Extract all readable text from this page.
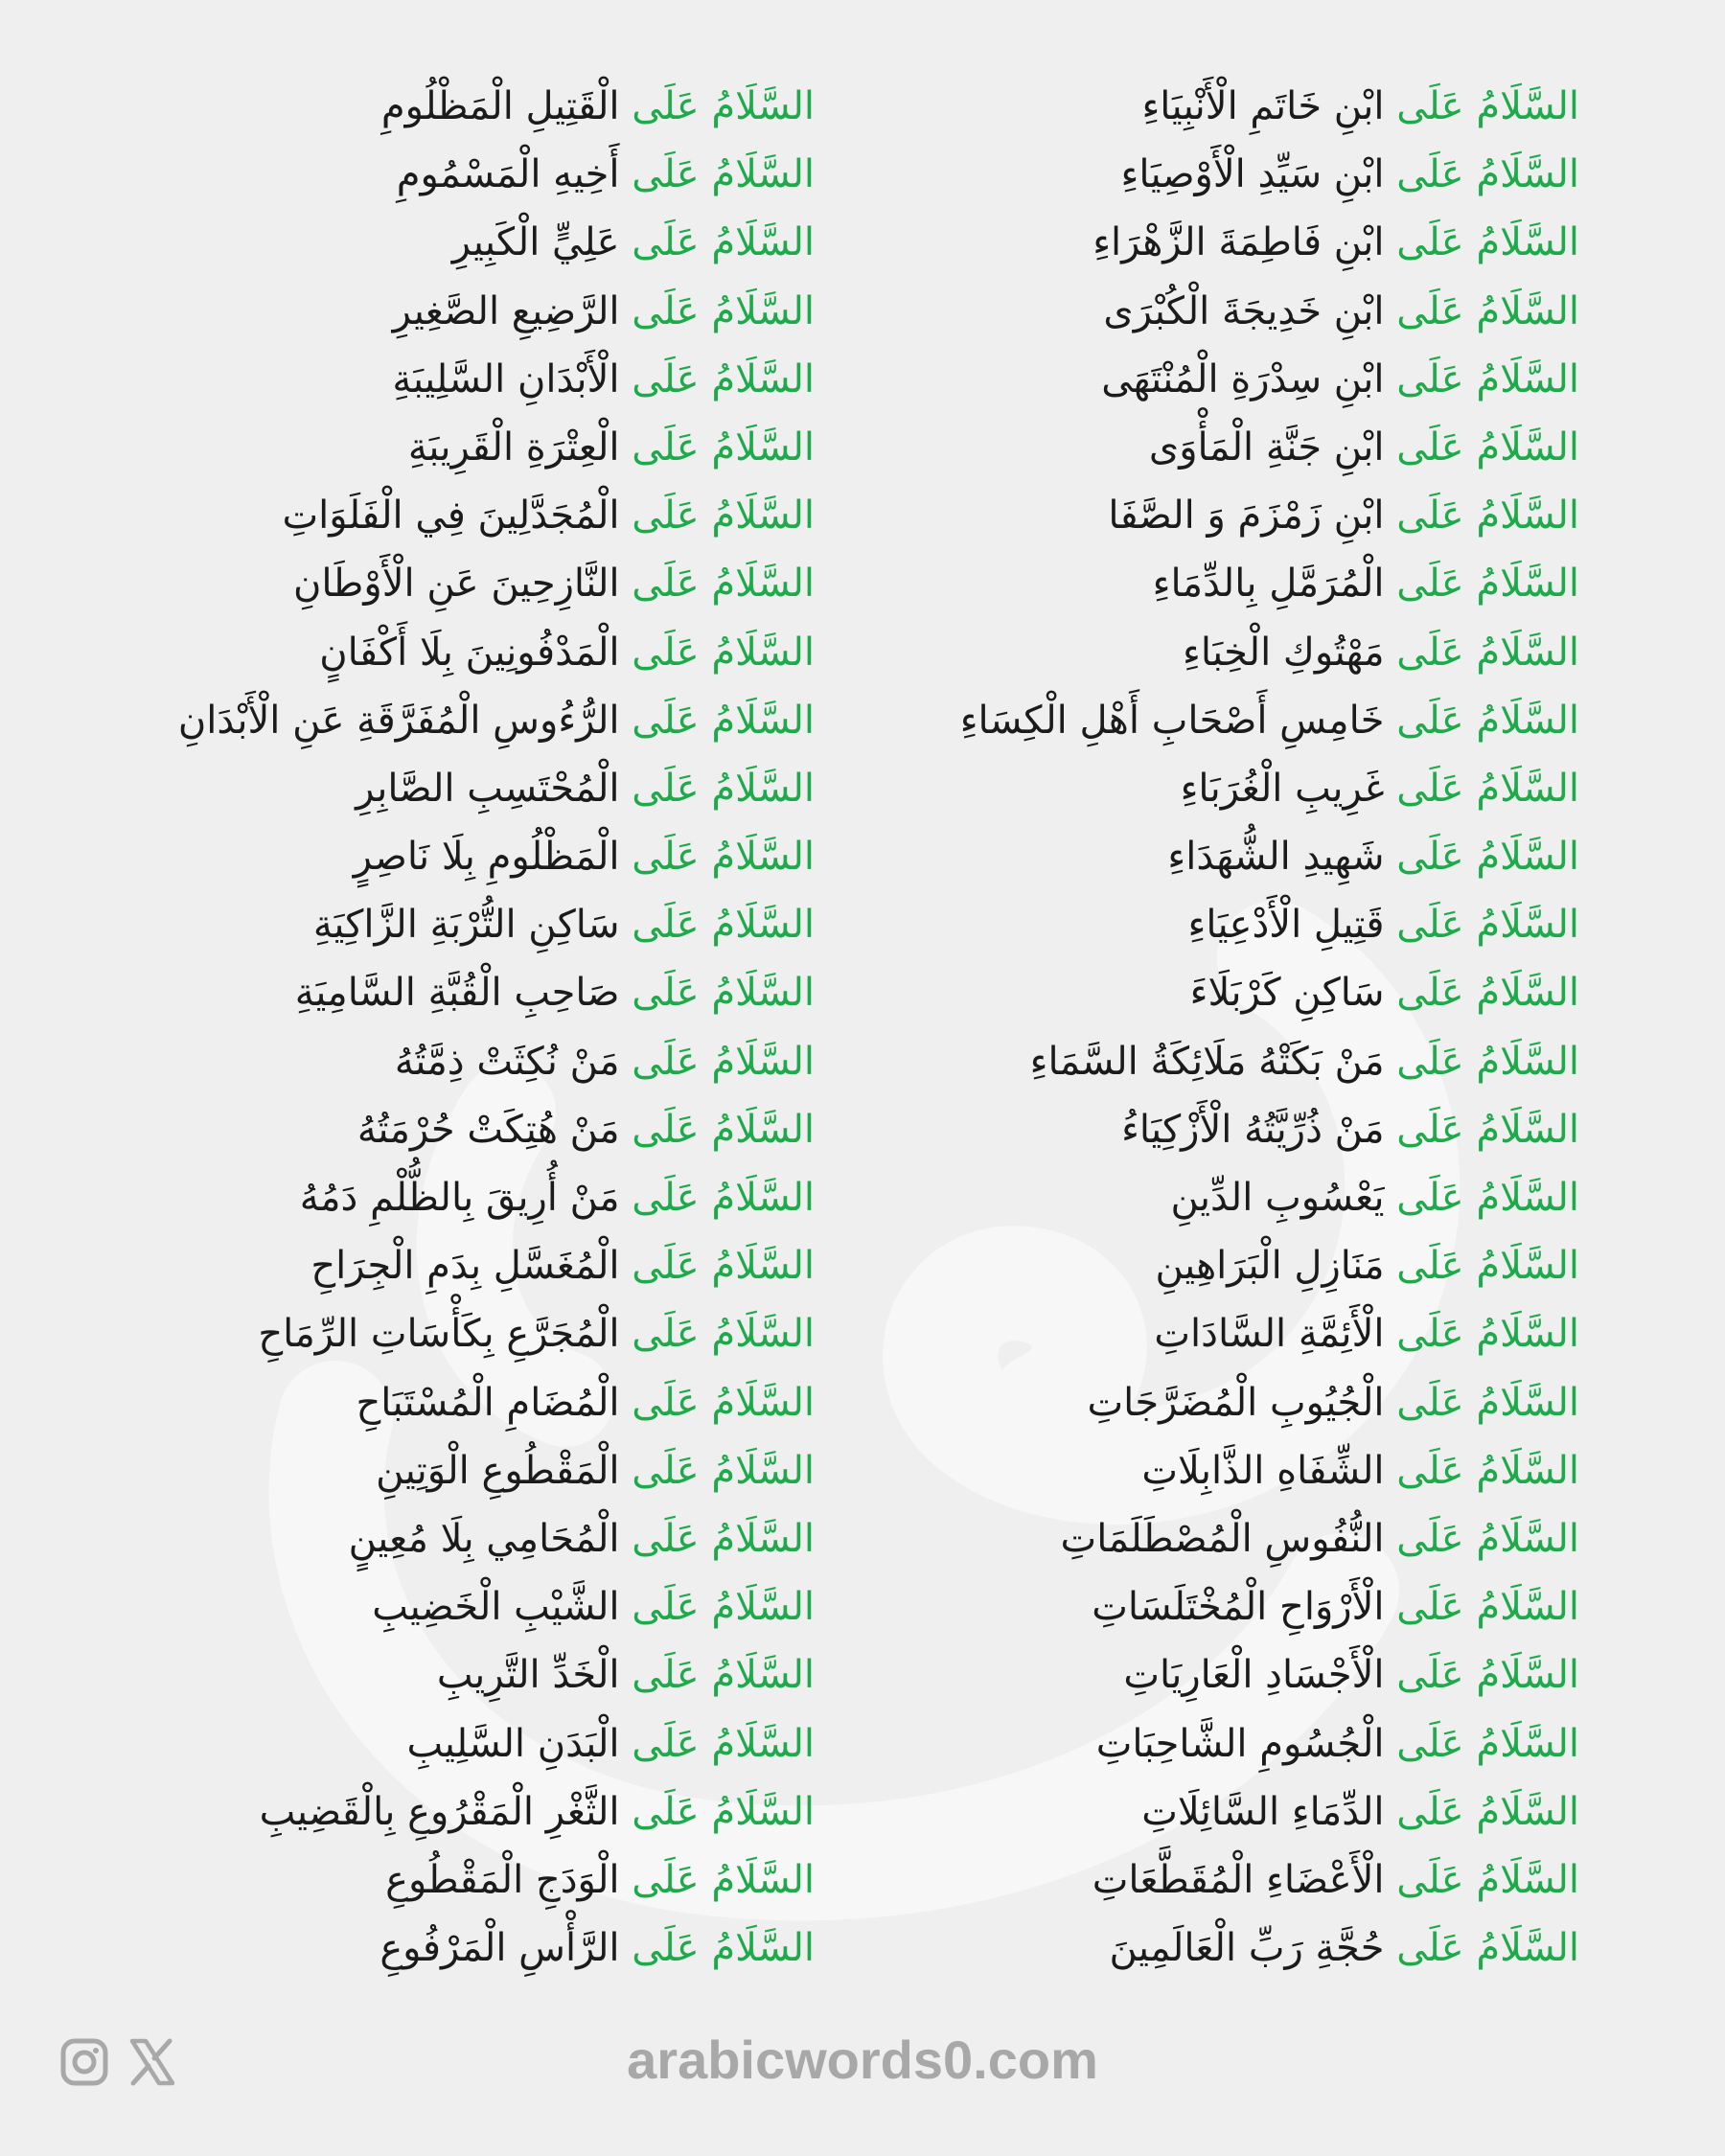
السَّلَامُ عَلَى ابْنِ خَاتَمِ الْأَنْبِيَاءِ
السَّلَامُ عَلَى ابْنِ سَيِّدِ الْأَوْصِيَاءِ
السَّلَامُ عَلَى ابْنِ فَاطِمَةَ الزَّهْرَاءِ
السَّلَامُ عَلَى ابْنِ خَدِيجَةَ الْكُبْرَى
السَّلَامُ عَلَى ابْنِ سِدْرَةِ الْمُنْتَهَى
السَّلَامُ عَلَى ابْنِ جَنَّةِ الْمَأْوَى
السَّلَامُ عَلَى ابْنِ زَمْزَمَ وَ الصَّفَا
السَّلَامُ عَلَى الْمُرَمَّلِ بِالدِّمَاءِ
السَّلَامُ عَلَى مَهْتُوكِ الْخِبَاءِ
السَّلَامُ عَلَى خَامِسِ أَصْحَابِ أَهْلِ الْكِسَاءِ
السَّلَامُ عَلَى غَرِيبِ الْغُرَبَاءِ
السَّلَامُ عَلَى شَهِيدِ الشُّهَدَاءِ
السَّلَامُ عَلَى قَتِيلِ الْأَدْعِيَاءِ
السَّلَامُ عَلَى سَاكِنِ كَرْبَلَاءَ
السَّلَامُ عَلَى مَنْ بَكَتْهُ مَلَائِكَةُ السَّمَاءِ
السَّلَامُ عَلَى مَنْ ذُرِّيَّتُهُ الْأَزْكِيَاءُ
السَّلَامُ عَلَى يَعْسُوبِ الدِّينِ
السَّلَامُ عَلَى مَنَازِلِ الْبَرَاهِينِ
السَّلَامُ عَلَى الْأَئِمَّةِ السَّادَاتِ
السَّلَامُ عَلَى الْجُيُوبِ الْمُضَرَّجَاتِ
السَّلَامُ عَلَى الشِّفَاهِ الذَّابِلَاتِ
السَّلَامُ عَلَى النُّفُوسِ الْمُصْطَلَمَاتِ
السَّلَامُ عَلَى الْأَرْوَاحِ الْمُخْتَلَسَاتِ
السَّلَامُ عَلَى الْأَجْسَادِ الْعَارِيَاتِ
السَّلَامُ عَلَى الْجُسُومِ الشَّاحِبَاتِ
السَّلَامُ عَلَى الدِّمَاءِ السَّائِلَاتِ
السَّلَامُ عَلَى الْأَعْضَاءِ الْمُقَطَّعَاتِ
السَّلَامُ عَلَى حُجَّةِ رَبِّ الْعَالَمِينَ
السَّلَامُ عَلَى الْقَتِيلِ الْمَظْلُومِ
السَّلَامُ عَلَى أَخِيهِ الْمَسْمُومِ
السَّلَامُ عَلَى عَلِيٍّ الْكَبِيرِ
السَّلَامُ عَلَى الرَّضِيعِ الصَّغِيرِ
السَّلَامُ عَلَى الْأَبْدَانِ السَّلِيبَةِ
السَّلَامُ عَلَى الْعِتْرَةِ الْقَرِيبَةِ
السَّلَامُ عَلَى الْمُجَدَّلِينَ فِي الْفَلَوَاتِ
السَّلَامُ عَلَى النَّازِحِينَ عَنِ الْأَوْطَانِ
السَّلَامُ عَلَى الْمَدْفُونِينَ بِلَا أَكْفَانٍ
السَّلَامُ عَلَى الرُّءُوسِ الْمُفَرَّقَةِ عَنِ الْأَبْدَانِ
السَّلَامُ عَلَى الْمُحْتَسِبِ الصَّابِرِ
السَّلَامُ عَلَى الْمَظْلُومِ بِلَا نَاصِرٍ
السَّلَامُ عَلَى سَاكِنِ التُّرْبَةِ الزَّاكِيَةِ
السَّلَامُ عَلَى صَاحِبِ الْقُبَّةِ السَّامِيَةِ
السَّلَامُ عَلَى مَنْ نُكِثَتْ ذِمَّتُهُ
السَّلَامُ عَلَى مَنْ هُتِكَتْ حُرْمَتُهُ
السَّلَامُ عَلَى مَنْ أُرِيقَ بِالظُّلْمِ دَمُهُ
السَّلَامُ عَلَى الْمُغَسَّلِ بِدَمِ الْجِرَاحِ
السَّلَامُ عَلَى الْمُجَرَّعِ بِكَأْسَاتِ الرِّمَاحِ
السَّلَامُ عَلَى الْمُضَامِ الْمُسْتَبَاحِ
السَّلَامُ عَلَى الْمَقْطُوعِ الْوَتِينِ
السَّلَامُ عَلَى الْمُحَامِي بِلَا مُعِينٍ
السَّلَامُ عَلَى الشَّيْبِ الْخَضِيبِ
السَّلَامُ عَلَى الْخَدِّ التَّرِيبِ
السَّلَامُ عَلَى الْبَدَنِ السَّلِيبِ
السَّلَامُ عَلَى الثَّغْرِ الْمَقْرُوعِ بِالْقَضِيبِ
السَّلَامُ عَلَى الْوَدَجِ الْمَقْطُوعِ
السَّلَامُ عَلَى الرَّأْسِ الْمَرْفُوعِ
arabicwords0.com
